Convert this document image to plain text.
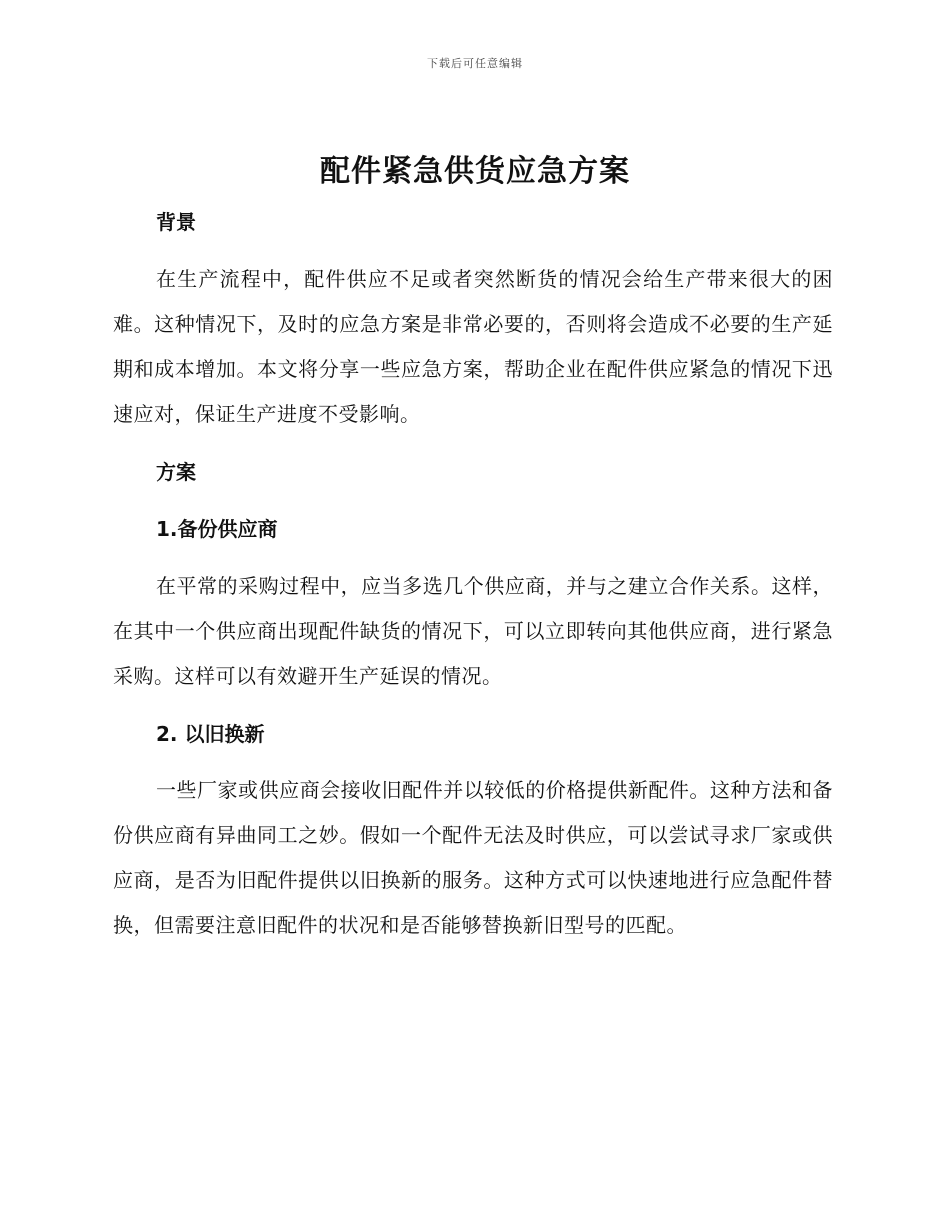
下载后可任意编辑
配件紧急供货应急方案
背景

在生产流程中，配件供应不足或者突然断货的情况会给生产带来很大的困难。这种情况下，及时的应急方案是非常必要的，否则将会造成不必要的生产延期和成本增加。本文将分享一些应急方案，帮助企业在配件供应紧急的情况下迅速应对，保证生产进度不受影响。

方案
1.备份供应商

在平常的采购过程中，应当多选几个供应商，并与之建立合作关系。这样，在其中一个供应商出现配件缺货的情况下，可以立即转向其他供应商，进行紧急采购。这样可以有效避开生产延误的情况。

2. 以旧换新

一些厂家或供应商会接收旧配件并以较低的价格提供新配件。这种方法和备份供应商有异曲同工之妙。假如一个配件无法及时供应，可以尝试寻求厂家或供应商，是否为旧配件提供以旧换新的服务。这种方式可以快速地进行应急配件替换，但需要注意旧配件的状况和是否能够替换新旧型号的匹配。
